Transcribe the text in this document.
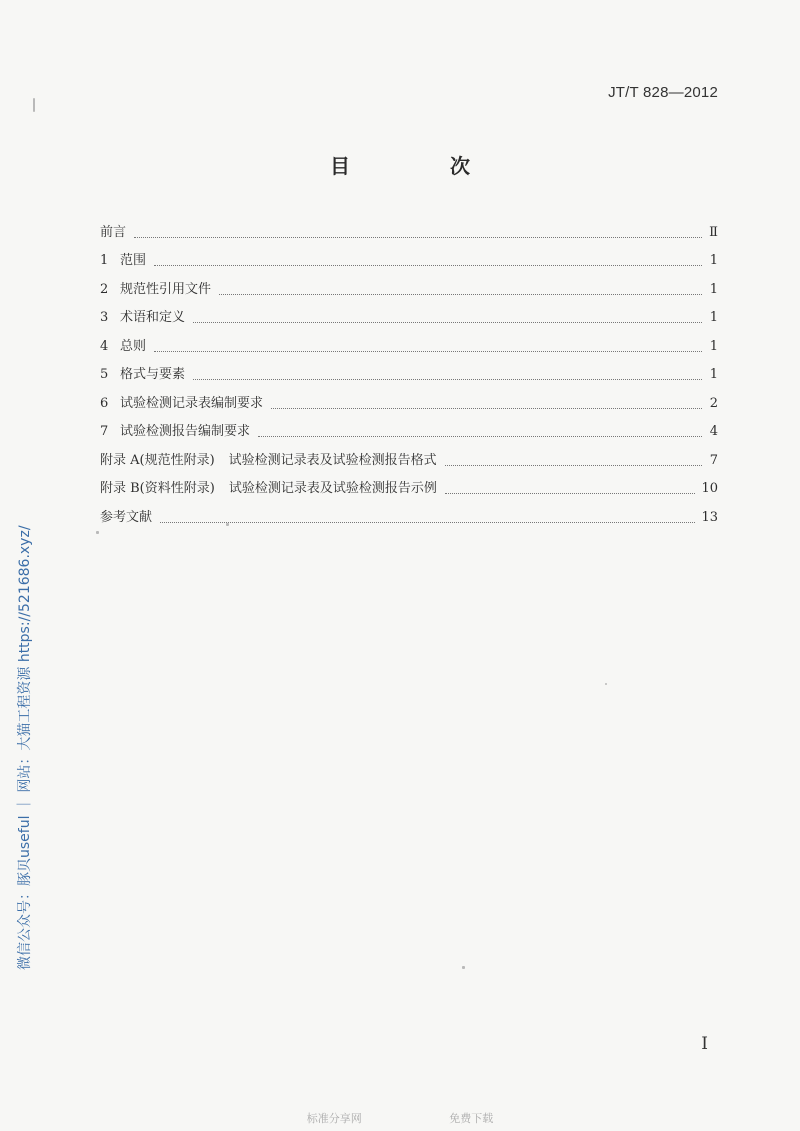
JT/T 828—2012
目　次
前言	Ⅱ
1 范围	1
2 规范性引用文件	1
3 术语和定义	1
4 总则	1
5 格式与要素	1
6 试验检测记录表编制要求	2
7 试验检测报告编制要求	4
附录 A(规范性附录) 试验检测记录表及试验检测报告格式	7
附录 B(资料性附录) 试验检测记录表及试验检测报告示例	10
参考文献	13
微信公众号：豚贝useful ｜ 网站：大猫工程资源 https://521686.xyz/
Ⅰ
标准分享网	免费下载
